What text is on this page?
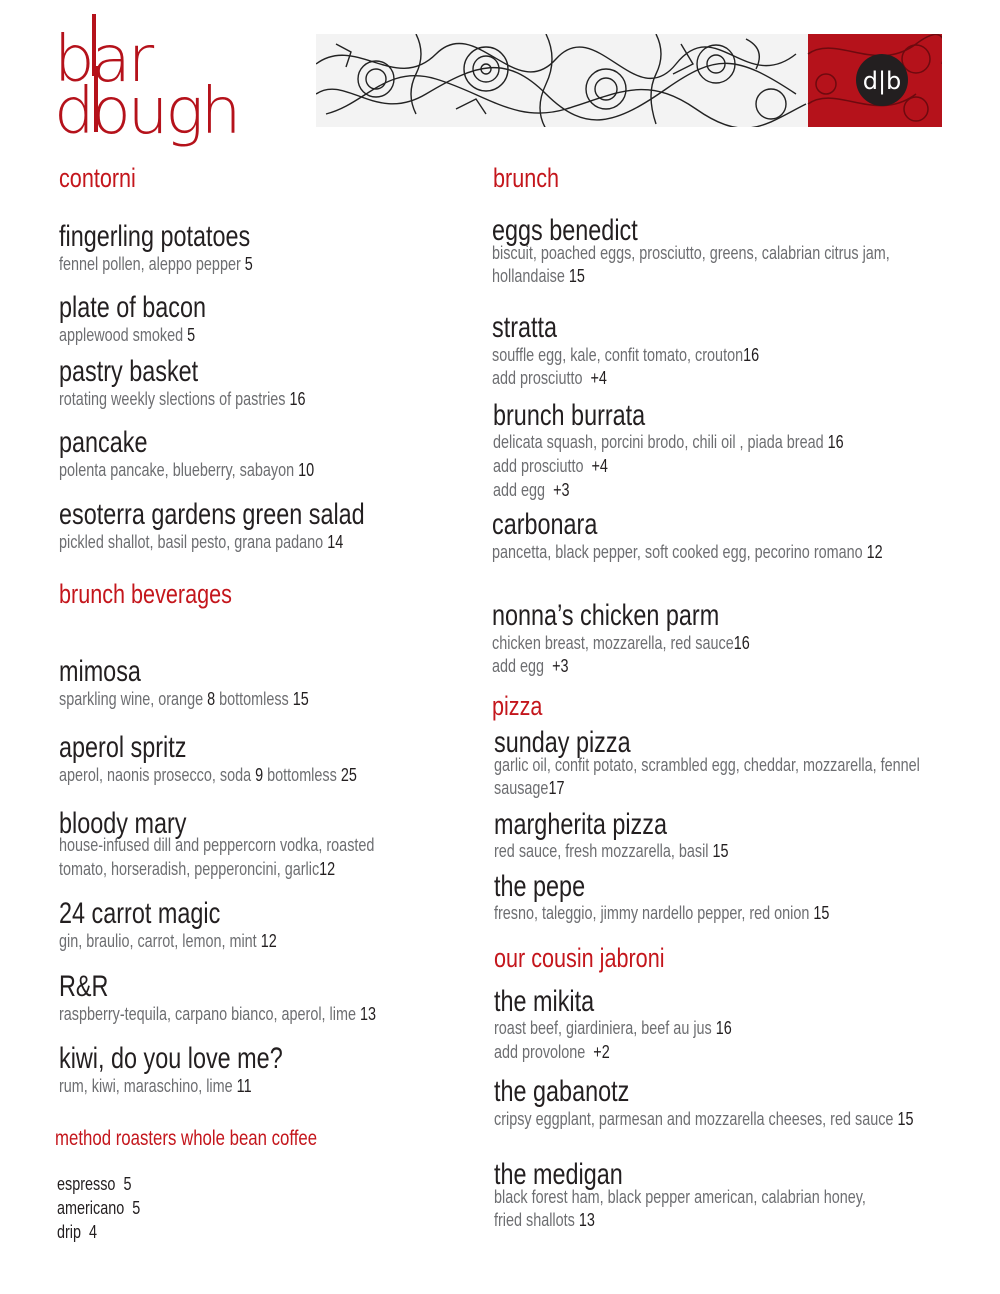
bar
dough	d|b
contorni
fingerling potatoes
fennel pollen, aleppo pepper 5
plate of bacon
applewood smoked 5
pastry basket
rotating weekly slections of pastries 16
pancake
polenta pancake, blueberry, sabayon 10
esoterra gardens green salad
pickled shallot, basil pesto, grana padano 14
brunch beverages
mimosa
sparkling wine, orange 8 bottomless 15
aperol spritz
aperol, naonis prosecco, soda 9 bottomless 25
bloody mary
house-infused dill and peppercorn vodka, roasted
tomato, horseradish, pepperoncini, garlic12
24 carrot magic
gin, braulio, carrot, lemon, mint 12
R&R
raspberry-tequila, carpano bianco, aperol, lime 13
kiwi, do you love me?
rum, kiwi, maraschino, lime 11
method roasters whole bean coffee
espresso 5
americano 5
drip 4
brunch
eggs benedict
biscuit, poached eggs, prosciutto, greens, calabrian citrus jam,
hollandaise 15
stratta
souffle egg, kale, confit tomato, crouton16
add prosciutto +4
brunch burrata
delicata squash, porcini brodo, chili oil , piada bread 16
add prosciutto +4
add egg +3
carbonara
pancetta, black pepper, soft cooked egg, pecorino romano 12
nonna’s chicken parm
chicken breast, mozzarella, red sauce16
add egg +3
pizza
sunday pizza
garlic oil, confit potato, scrambled egg, cheddar, mozzarella, fennel
sausage17
margherita pizza
red sauce, fresh mozzarella, basil 15
the pepe
fresno, taleggio, jimmy nardello pepper, red onion 15
our cousin jabroni
the mikita
roast beef, giardiniera, beef au jus 16
add provolone +2
the gabanotz
cripsy eggplant, parmesan and mozzarella cheeses, red sauce 15
the medigan
black forest ham, black pepper american, calabrian honey,
fried shallots 13
